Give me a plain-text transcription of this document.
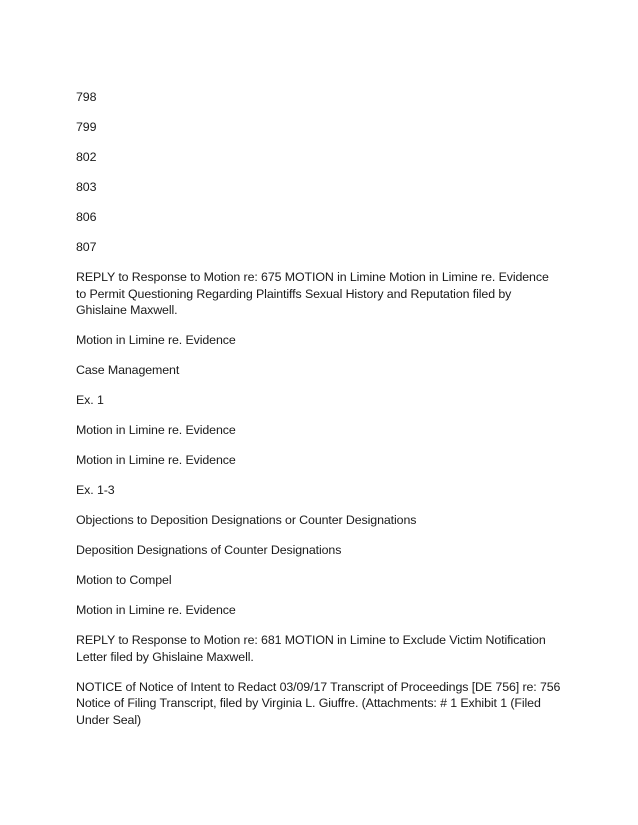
798

799

802

803

806

807

REPLY to Response to Motion re: 675 MOTION in Limine Motion in Limine re. Evidence to Permit Questioning Regarding Plaintiffs Sexual History and Reputation filed by Ghislaine Maxwell.

Motion in Limine re. Evidence

Case Management

Ex. 1

Motion in Limine re. Evidence

Motion in Limine re. Evidence

Ex. 1-3

Objections to Deposition Designations or Counter Designations

Deposition Designations of Counter Designations

Motion to Compel

Motion in Limine re. Evidence

REPLY to Response to Motion re: 681 MOTION in Limine to Exclude Victim Notification Letter filed by Ghislaine Maxwell.

NOTICE of Notice of Intent to Redact 03/09/17 Transcript of Proceedings [DE 756] re: 756 Notice of Filing Transcript, filed by Virginia L. Giuffre. (Attachments: # 1 Exhibit 1 (Filed Under Seal)
